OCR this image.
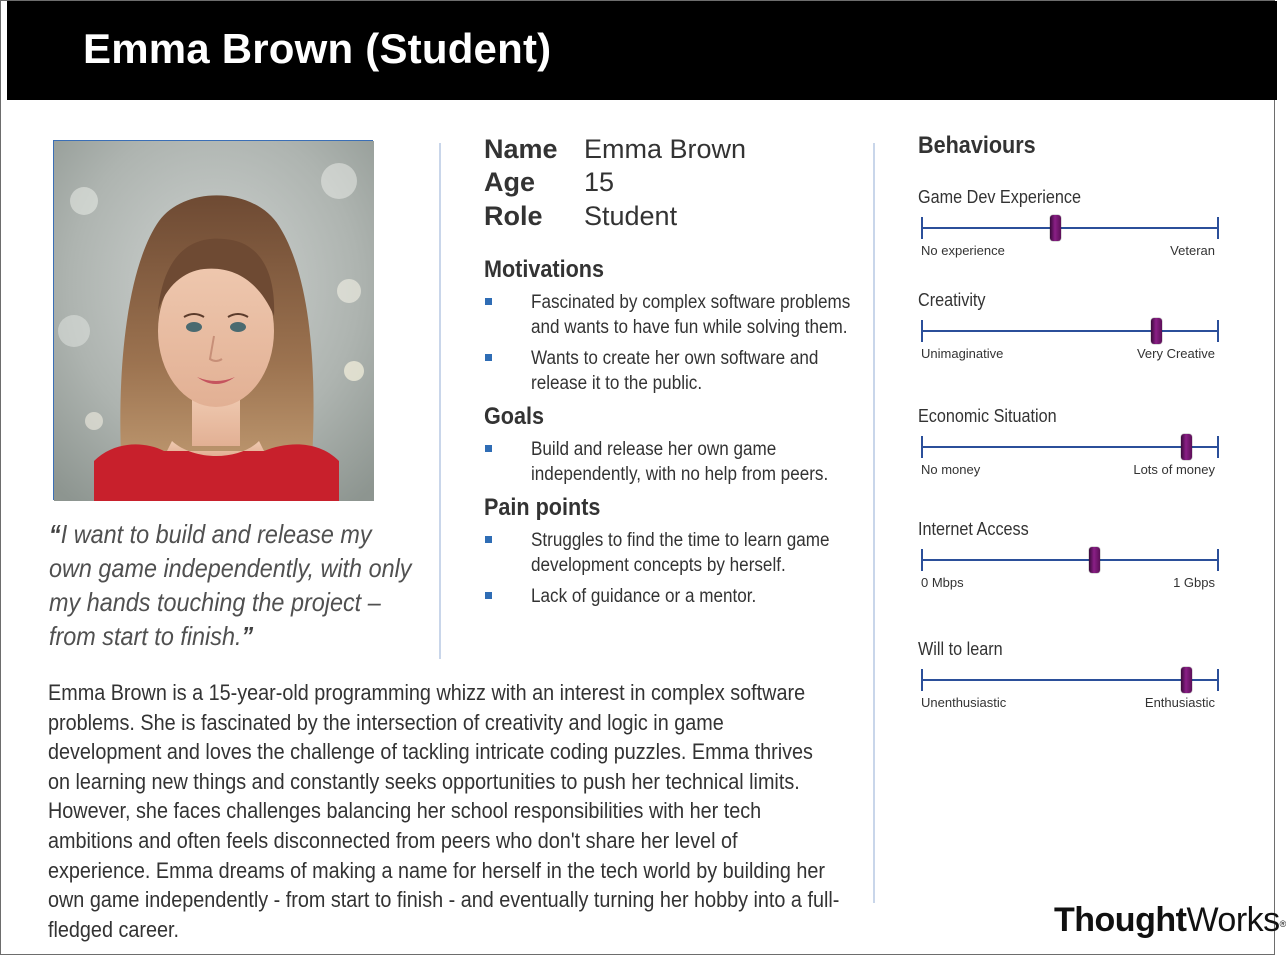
Emma Brown (Student)
“I want to build and release my own game independently, with only my hands touching the project – from start to finish.”
Name Emma Brown
Age 15
Role Student
Motivations
Fascinated by complex software problems and wants to have fun while solving them.
Wants to create her own software and release it to the public.
Goals
Build and release her own game independently, with no help from peers.
Pain points
Struggles to find the time to learn game development concepts by herself.
Lack of guidance or a mentor.
Emma Brown is a 15-year-old programming whizz with an interest in complex software problems. She is fascinated by the intersection of creativity and logic in game development and loves the challenge of tackling intricate coding puzzles. Emma thrives on learning new things and constantly seeks opportunities to push her technical limits. However, she faces challenges balancing her school responsibilities with her tech ambitions and often feels disconnected from peers who don't share her level of experience. Emma dreams of making a name for herself in the tech world by building her own game independently - from start to finish - and eventually turning her hobby into a full-fledged career.
Behaviours
Game Dev Experience
No experience	Veteran
Creativity
Unimaginative	Very Creative
Economic Situation
No money	Lots of money
Internet Access
0 Mbps	1 Gbps
Will to learn
Unenthusiastic	Enthusiastic
ThoughtWorks®
